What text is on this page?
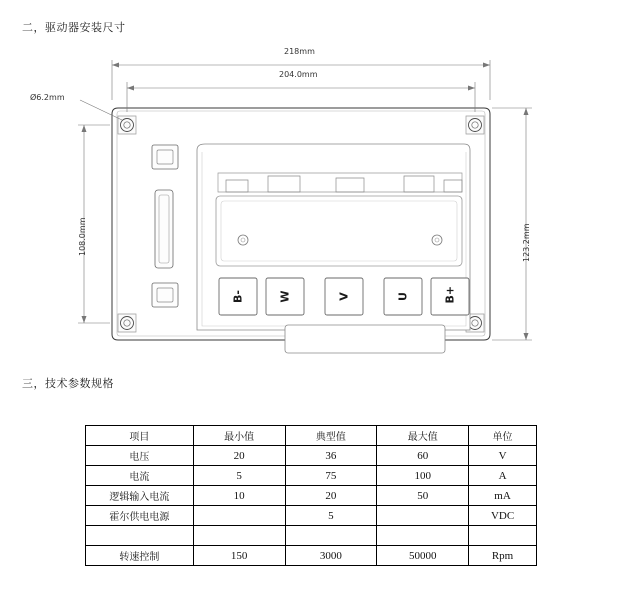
二，驱动器安装尺寸
218mm
204.0mm
Ø6.2mm
108.0mm	123.2mm
B-	W	V	U	B+
三，技术参数规格
项目	最小值	典型值	最大值	单位
电压	20	36	60	V
电流	5	75	100	A
逻辑输入电流	10	20	50	mA
霍尔供电电源		5		VDC

转速控制	150	3000	50000	Rpm
